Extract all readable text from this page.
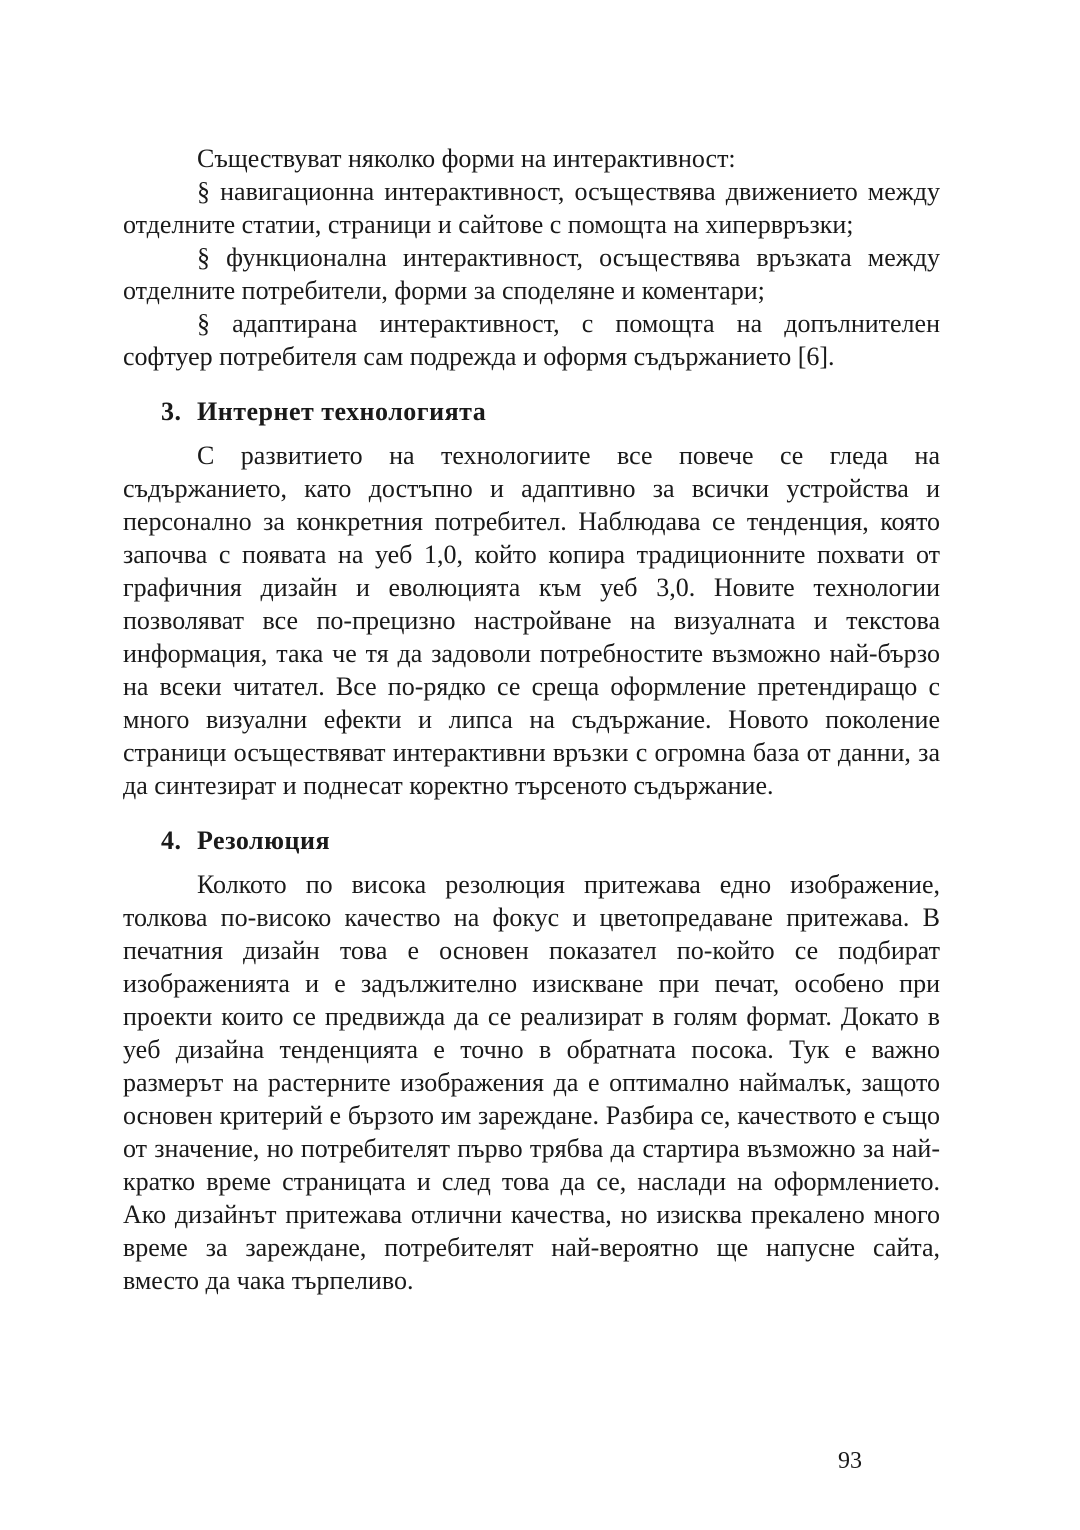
Съществуват няколко форми на интерактивност:

§ навигационна интерактивност, осъществява движението между отделните статии, страници и сайтове с помощта на хипервръзки;

§ функционална интерактивност, осъществява връзката между отделните потребители, форми за споделяне и коментари;

§ адаптирана интерактивност, с помощта на допълнителен софтуер потребителя сам подрежда и оформя съдържанието [6].

3. Интернет технологията

С развитието на технологиите все повече се гледа на съдържанието, като достъпно и адаптивно за всички устройства и персонално за конкретния потребител. Наблюдава се тенденция, която започва с появата на уеб 1,0, който копира традиционните похвати от графичния дизайн и еволюцията към уеб 3,0. Новите технологии позволяват все по-прецизно настройване на визуалната и текстова информация, така че тя да задоволи потребностите възможно най-бързо на всеки читател. Все по-рядко се среща оформление претендиращо с много визуални ефекти и липса на съдържание. Новото поколение страници осъществяват интерактивни връзки с огромна база от данни, за да синтезират и поднесат коректно търсеното съдържание.

4. Резолюция

Колкото по висока резолюция притежава едно изображение, толкова по-високо качество на фокус и цветопредаване притежава. В печатния дизайн това е основен показател по-който се подбират изображенията и е задължително изискване при печат, особено при проекти които се предвижда да се реализират в голям формат. Докато в уеб дизайна тенденцията е точно в обратната посока. Тук е важно размерът на растерните изображения да е оптимално наймалък, защото основен критерий е бързото им зареждане. Разбира се, качеството е също от значение, но потребителят първо трябва да стартира възможно за най-кратко време страницата и след това да се, наслади на оформлението. Ако дизайнът притежава отлични качества, но изисква прекалено много време за зареждане, потребителят най-вероятно ще напусне сайта, вместо да чака търпеливо.

93
